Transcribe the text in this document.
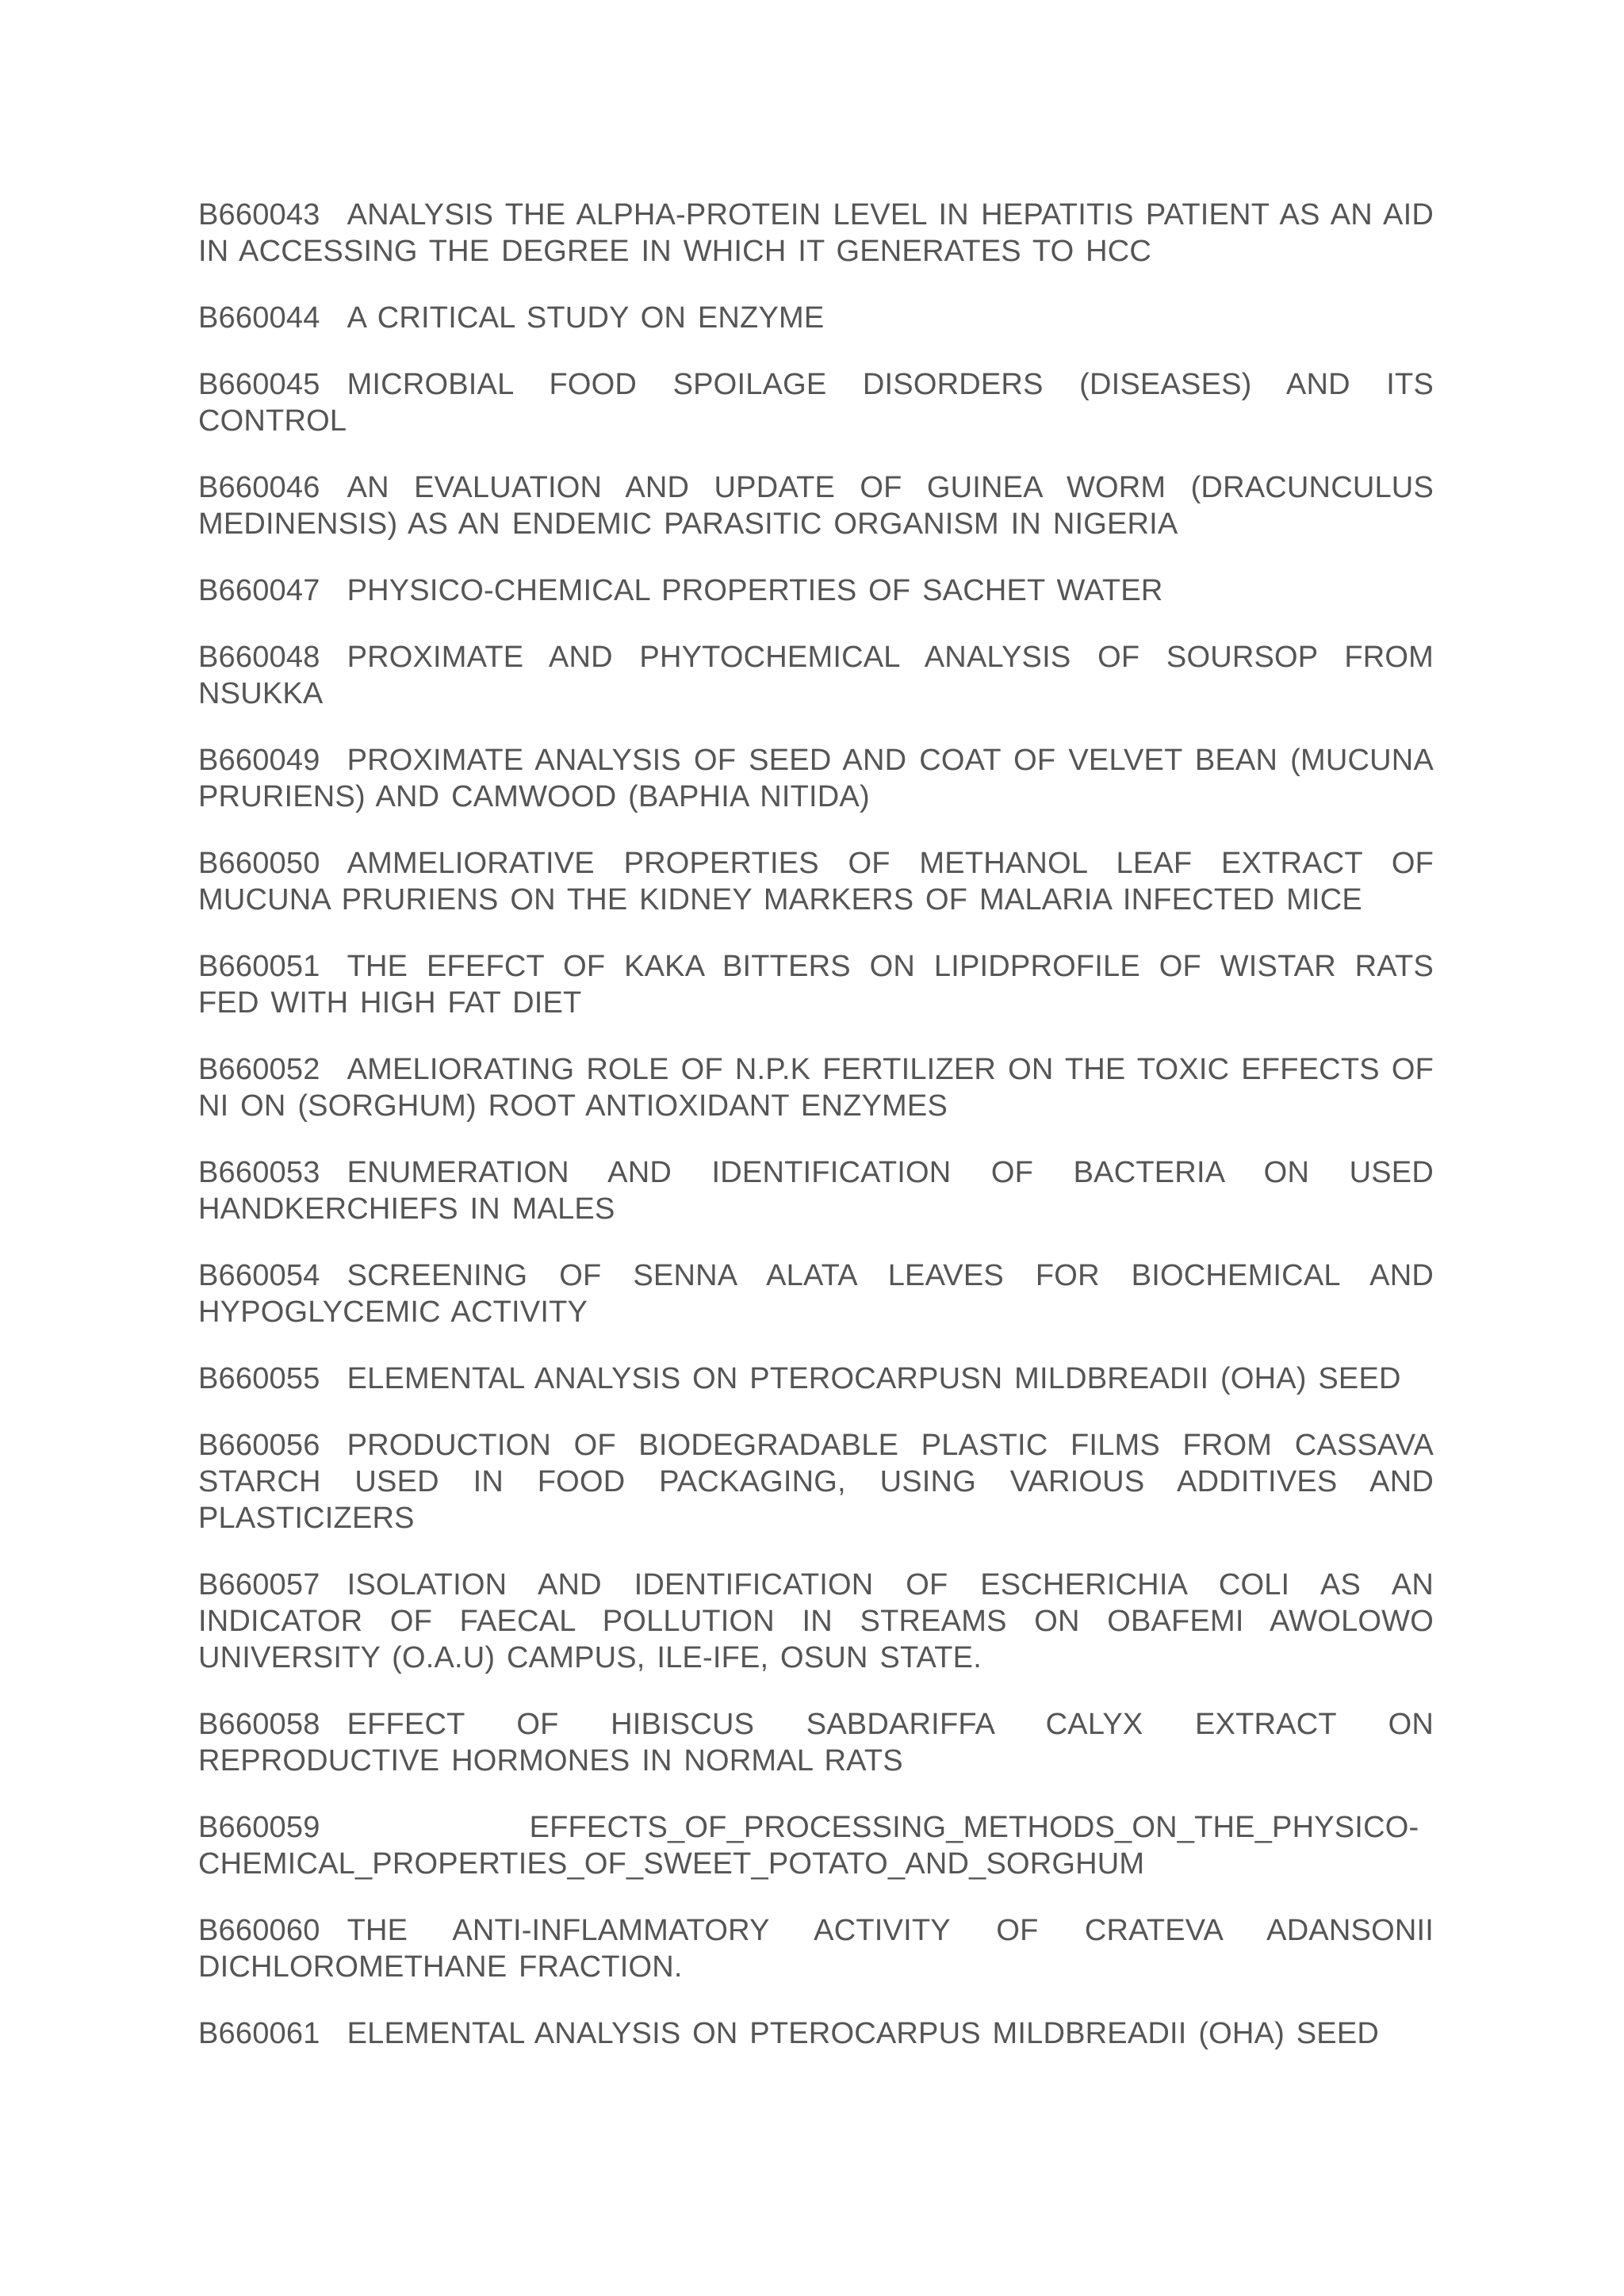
B660043 ANALYSIS THE ALPHA-PROTEIN LEVEL IN HEPATITIS PATIENT AS AN AID IN ACCESSING THE DEGREE IN WHICH IT GENERATES TO HCC

B660044 A CRITICAL STUDY ON ENZYME

B660045 MICROBIAL FOOD SPOILAGE DISORDERS (DISEASES) AND ITS CONTROL

B660046 AN EVALUATION AND UPDATE OF GUINEA WORM (DRACUNCULUS MEDINENSIS) AS AN ENDEMIC PARASITIC ORGANISM IN NIGERIA

B660047 PHYSICO-CHEMICAL PROPERTIES OF SACHET WATER

B660048 PROXIMATE AND PHYTOCHEMICAL ANALYSIS OF SOURSOP FROM NSUKKA

B660049 PROXIMATE ANALYSIS OF SEED AND COAT OF VELVET BEAN (MUCUNA PRURIENS) AND CAMWOOD (BAPHIA NITIDA)

B660050 AMMELIORATIVE PROPERTIES OF METHANOL LEAF EXTRACT OF MUCUNA PRURIENS ON THE KIDNEY MARKERS OF MALARIA INFECTED MICE

B660051 THE EFEFCT OF KAKA BITTERS ON LIPIDPROFILE OF WISTAR RATS FED WITH HIGH FAT DIET

B660052 AMELIORATING ROLE OF N.P.K FERTILIZER ON THE TOXIC EFFECTS OF NI ON (SORGHUM) ROOT ANTIOXIDANT ENZYMES

B660053 ENUMERATION AND IDENTIFICATION OF BACTERIA ON USED HANDKERCHIEFS IN MALES

B660054 SCREENING OF SENNA ALATA LEAVES FOR BIOCHEMICAL AND HYPOGLYCEMIC ACTIVITY

B660055 ELEMENTAL ANALYSIS ON PTEROCARPUSN MILDBREADII (OHA) SEED

B660056 PRODUCTION OF BIODEGRADABLE PLASTIC FILMS FROM CASSAVA STARCH USED IN FOOD PACKAGING, USING VARIOUS ADDITIVES AND PLASTICIZERS

B660057 ISOLATION AND IDENTIFICATION OF ESCHERICHIA COLI AS AN INDICATOR OF FAECAL POLLUTION IN STREAMS ON OBAFEMI AWOLOWO UNIVERSITY (O.A.U) CAMPUS, ILE-IFE, OSUN STATE.

B660058 EFFECT OF HIBISCUS SABDARIFFA CALYX EXTRACT ON REPRODUCTIVE HORMONES IN NORMAL RATS

B660059	EFFECTS_OF_PROCESSING_METHODS_ON_THE_PHYSICO- CHEMICAL_PROPERTIES_OF_SWEET_POTATO_AND_SORGHUM

B660060 THE ANTI-INFLAMMATORY ACTIVITY OF CRATEVA ADANSONII DICHLOROMETHANE FRACTION.

B660061 ELEMENTAL ANALYSIS ON PTEROCARPUS MILDBREADII (OHA) SEED
